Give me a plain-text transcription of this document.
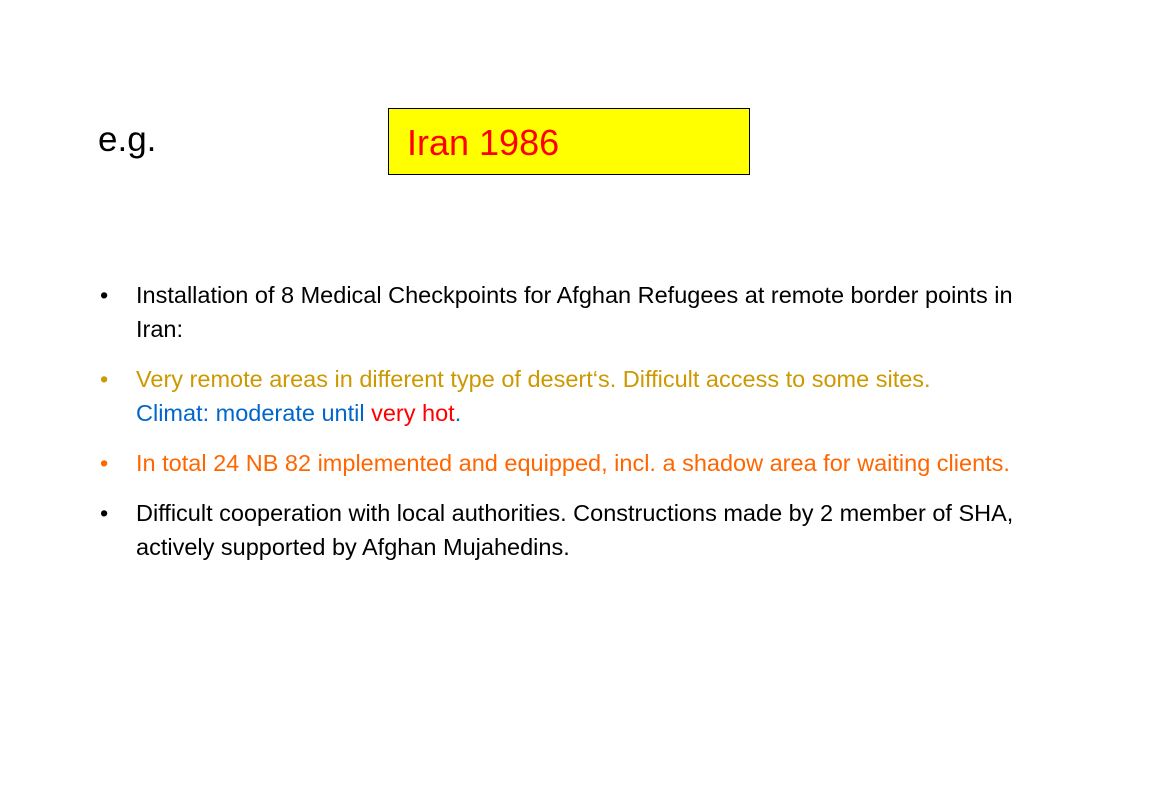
e.g.	Iran 1986
• Installation of 8 Medical Checkpoints for Afghan Refugees at remote border points in Iran:
• Very remote areas in different type of desert‘s. Difficult access to some sites.Climat: moderate until very hot.
• In total 24 NB 82 implemented and equipped, incl. a shadow area for waiting clients.
• Difficult cooperation with local authorities. Constructions made by 2 member of SHA, actively supported by Afghan Mujahedins.
